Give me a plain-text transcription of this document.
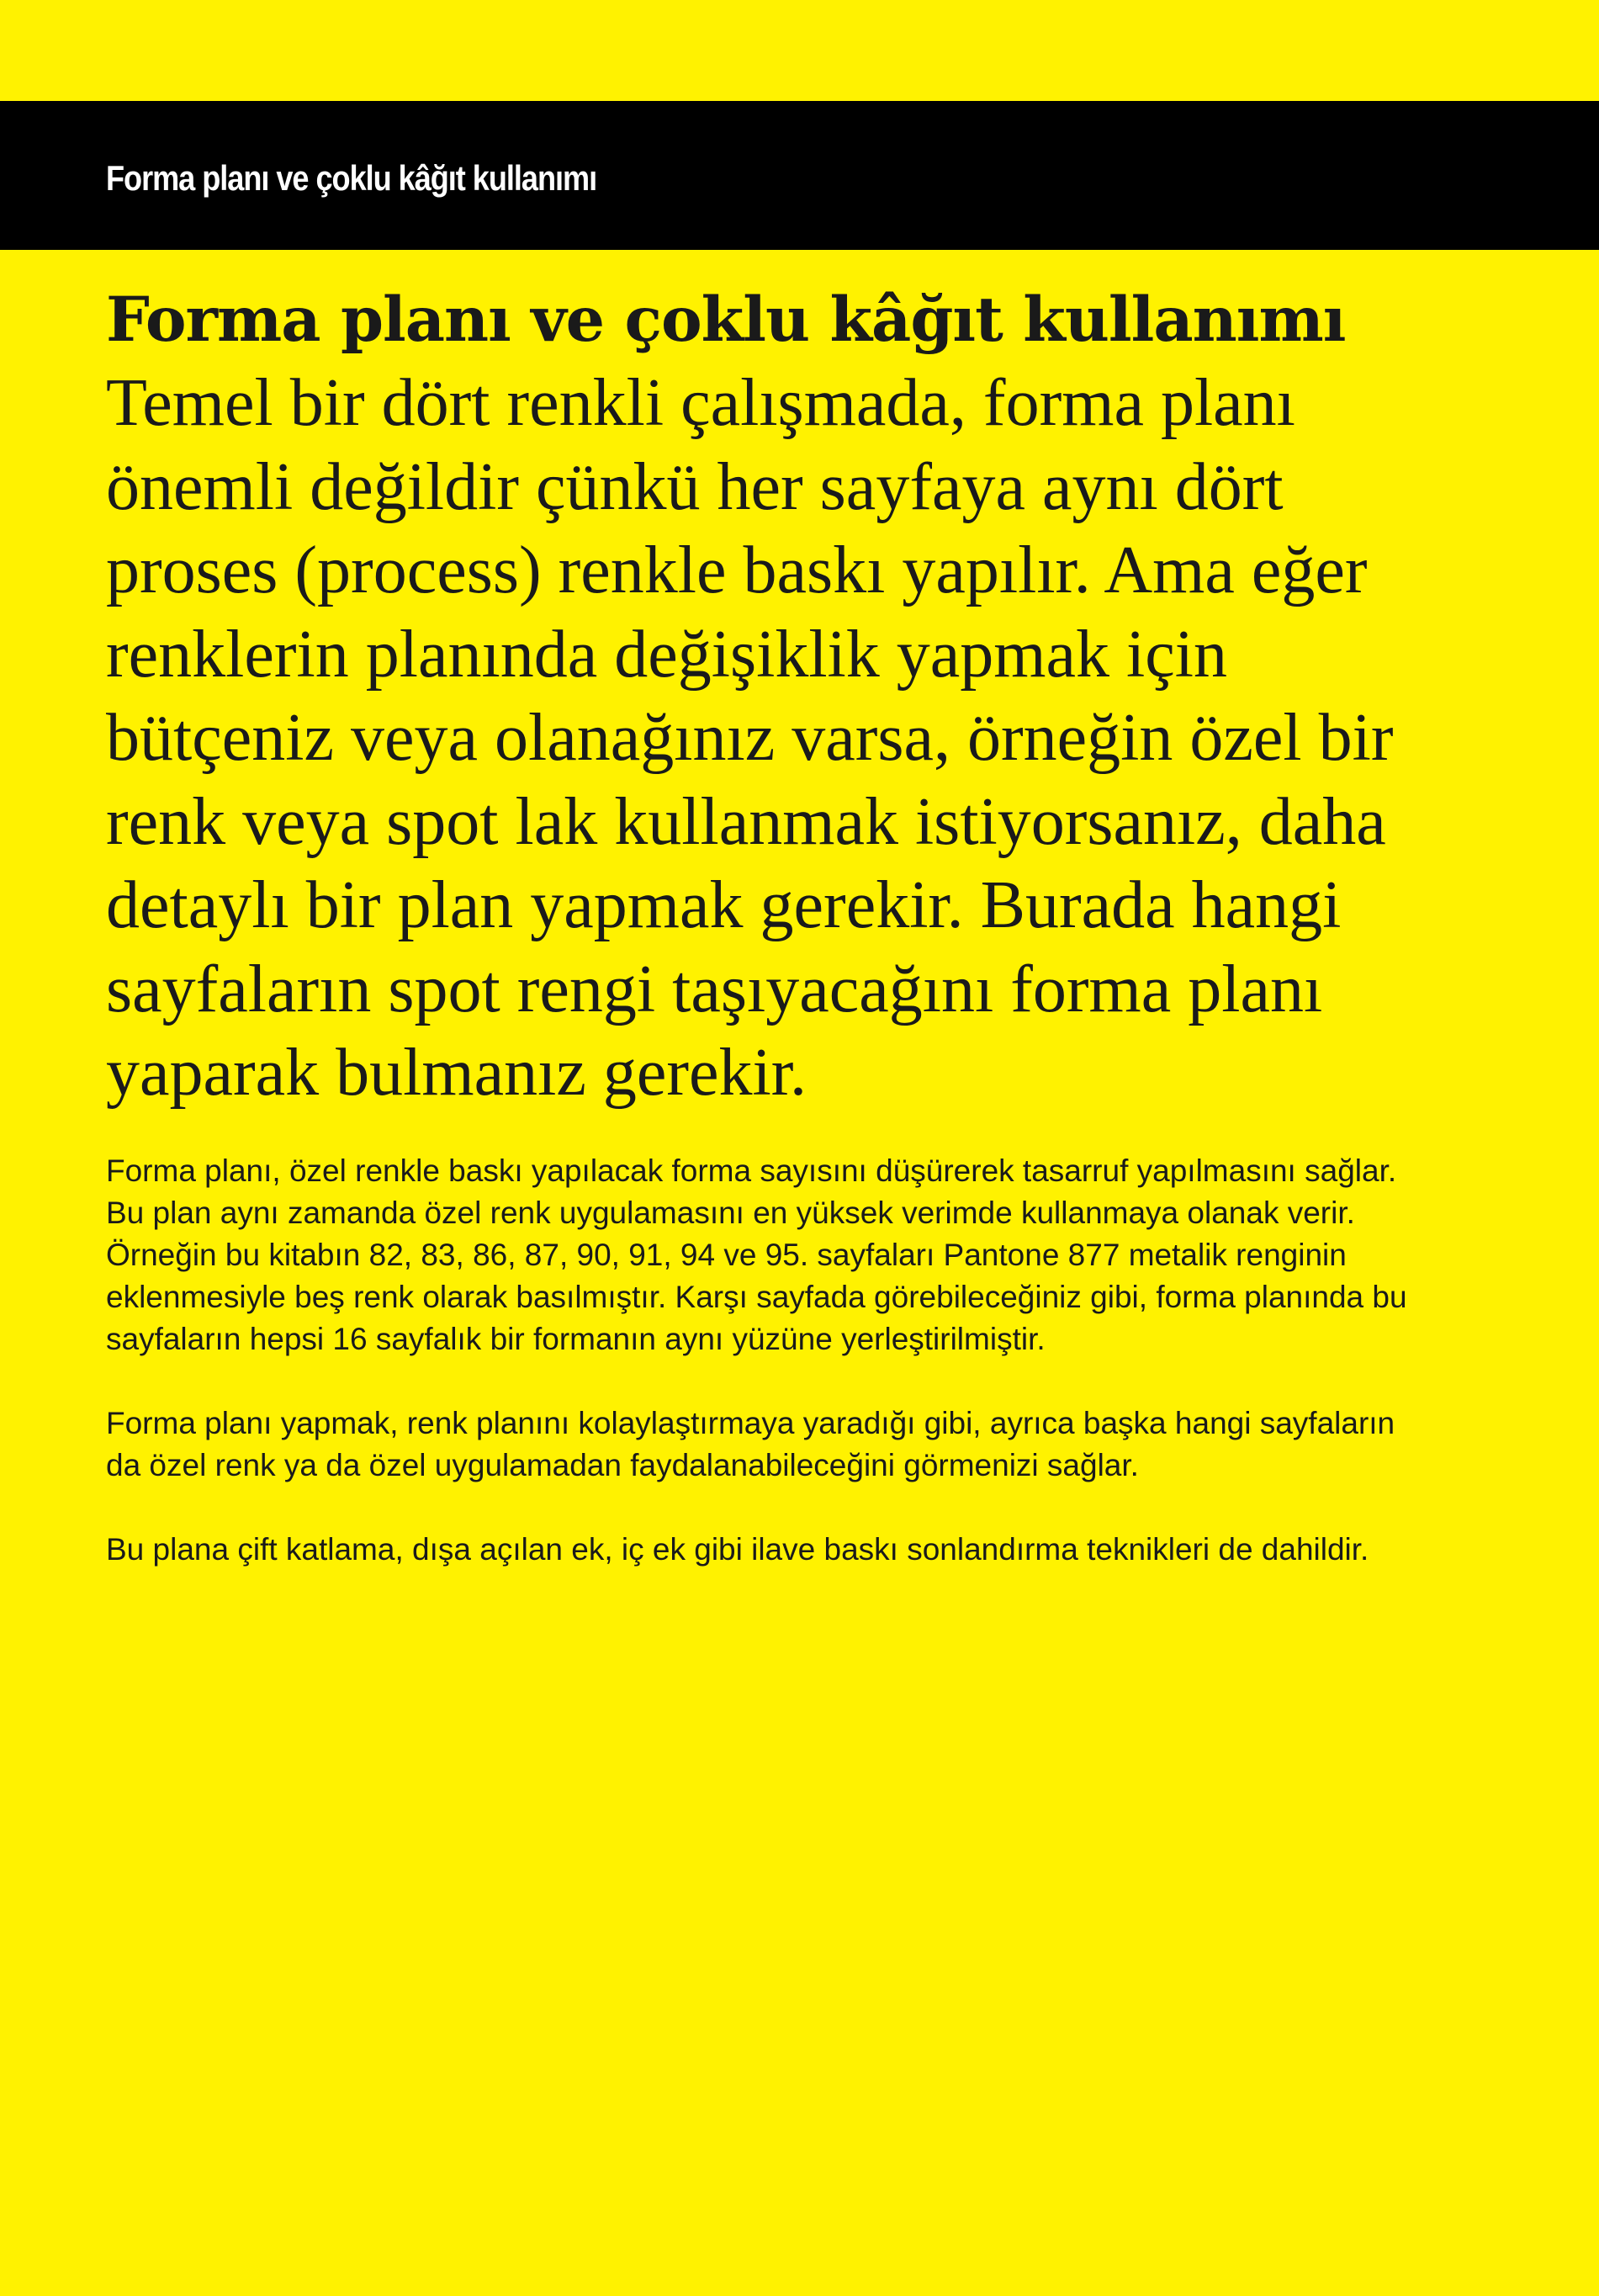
Forma planı ve çoklu kâğıt kullanımı
Forma planı ve çoklu kâğıt kullanımı

Temel bir dört renkli çalışmada, forma planı önemli değildir çünkü her sayfaya aynı dört proses (process) renkle baskı yapılır. Ama eğer renklerin planında değişiklik yapmak için bütçeniz veya olanağınız varsa, örneğin özel bir renk veya spot lak kullanmak istiyorsanız, daha detaylı bir plan yapmak gerekir. Burada hangi sayfaların spot rengi taşıyacağını forma planı yaparak bulmanız gerekir.

Forma planı, özel renkle baskı yapılacak forma sayısını düşürerek tasarruf yapılmasını sağlar. Bu plan aynı zamanda özel renk uygulamasını en yüksek verimde kullanmaya olanak verir. Örneğin bu kitabın 82, 83, 86, 87, 90, 91, 94 ve 95. sayfaları Pantone 877 metalik renginin eklenmesiyle beş renk olarak basılmıştır. Karşı sayfada görebileceğiniz gibi, forma planında bu sayfaların hepsi 16 sayfalık bir formanın aynı yüzüne yerleştirilmiştir.

Forma planı yapmak, renk planını kolaylaştırmaya yaradığı gibi, ayrıca başka hangi sayfaların da özel renk ya da özel uygulamadan faydalanabileceğini görmenizi sağlar.

Bu plana çift katlama, dışa açılan ek, iç ek gibi ilave baskı sonlandırma teknikleri de dahildir.
